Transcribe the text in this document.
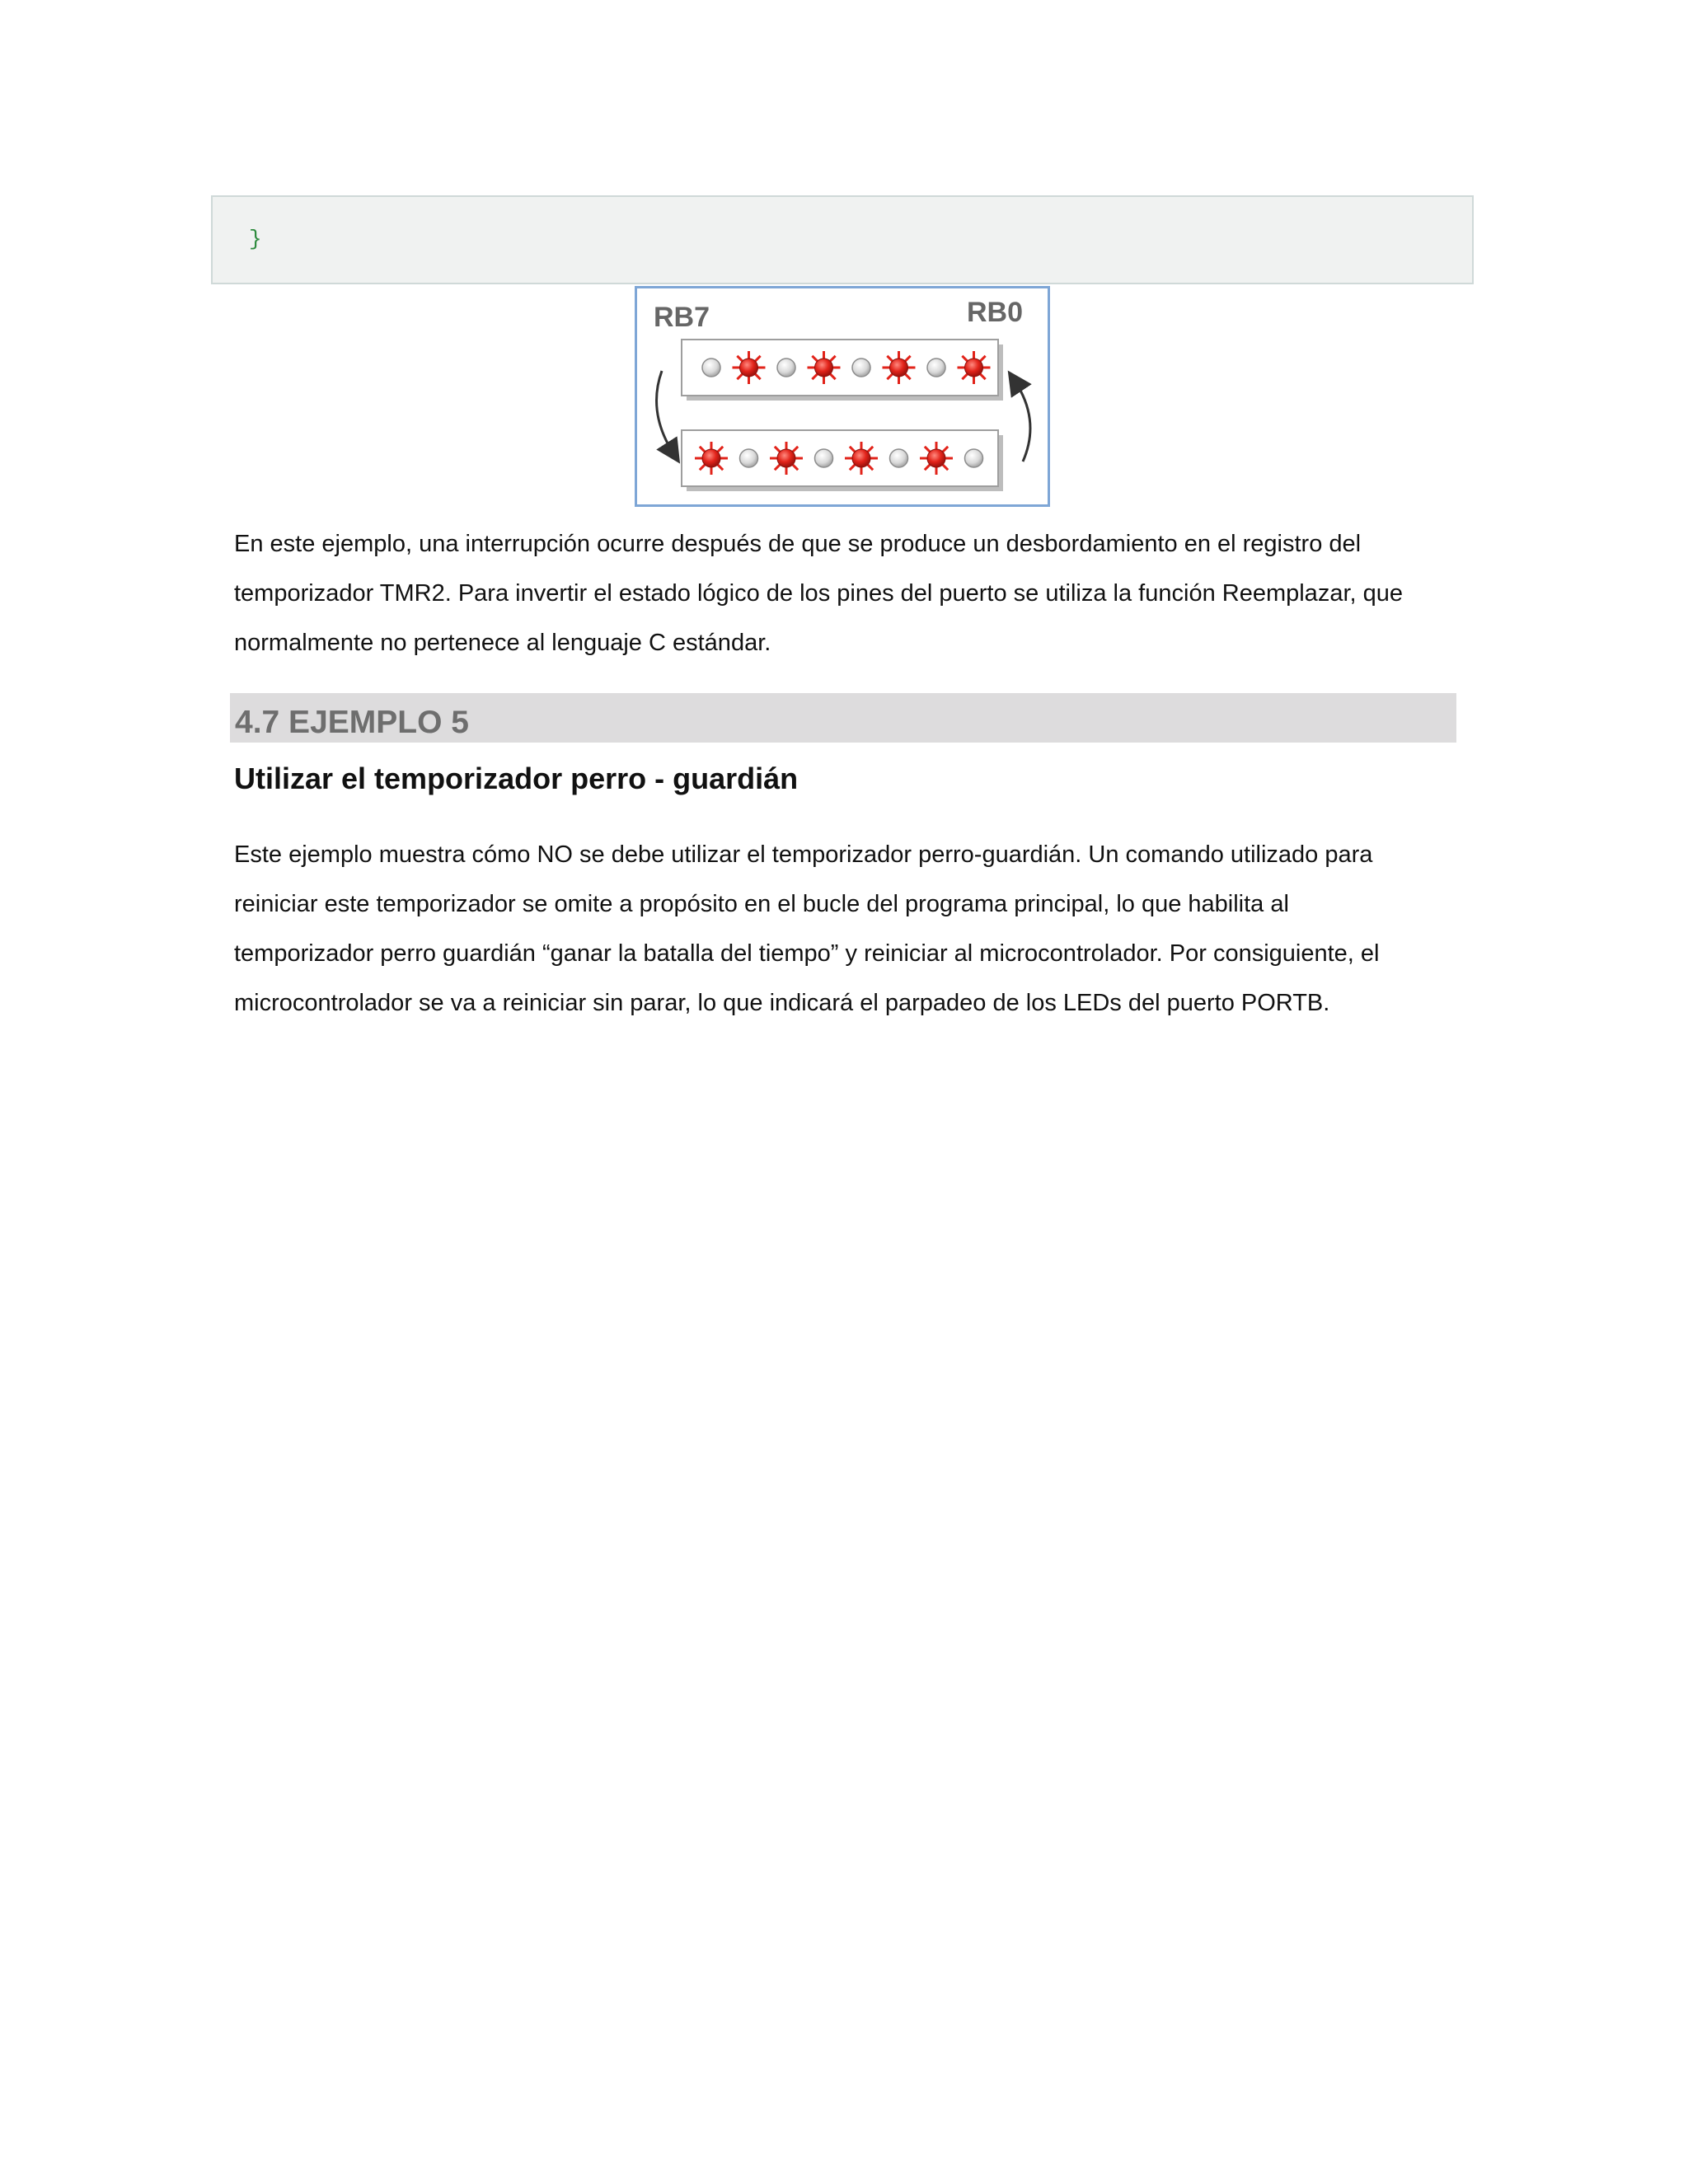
}
RB7	RB0

En este ejemplo, una interrupción ocurre después de que se produce un desbordamiento en el registro del
temporizador TMR2. Para invertir el estado lógico de los pines del puerto se utiliza la función Reemplazar, que
normalmente no pertenece al lenguaje C estándar.

4.7 EJEMPLO 5
Utilizar el temporizador perro - guardián

Este ejemplo muestra cómo NO se debe utilizar el temporizador perro-guardián. Un comando utilizado para
reiniciar este temporizador se omite a propósito en el bucle del programa principal, lo que habilita al
temporizador perro guardián “ganar la batalla del tiempo” y reiniciar al microcontrolador. Por consiguiente, el
microcontrolador se va a reiniciar sin parar, lo que indicará el parpadeo de los LEDs del puerto PORTB.
